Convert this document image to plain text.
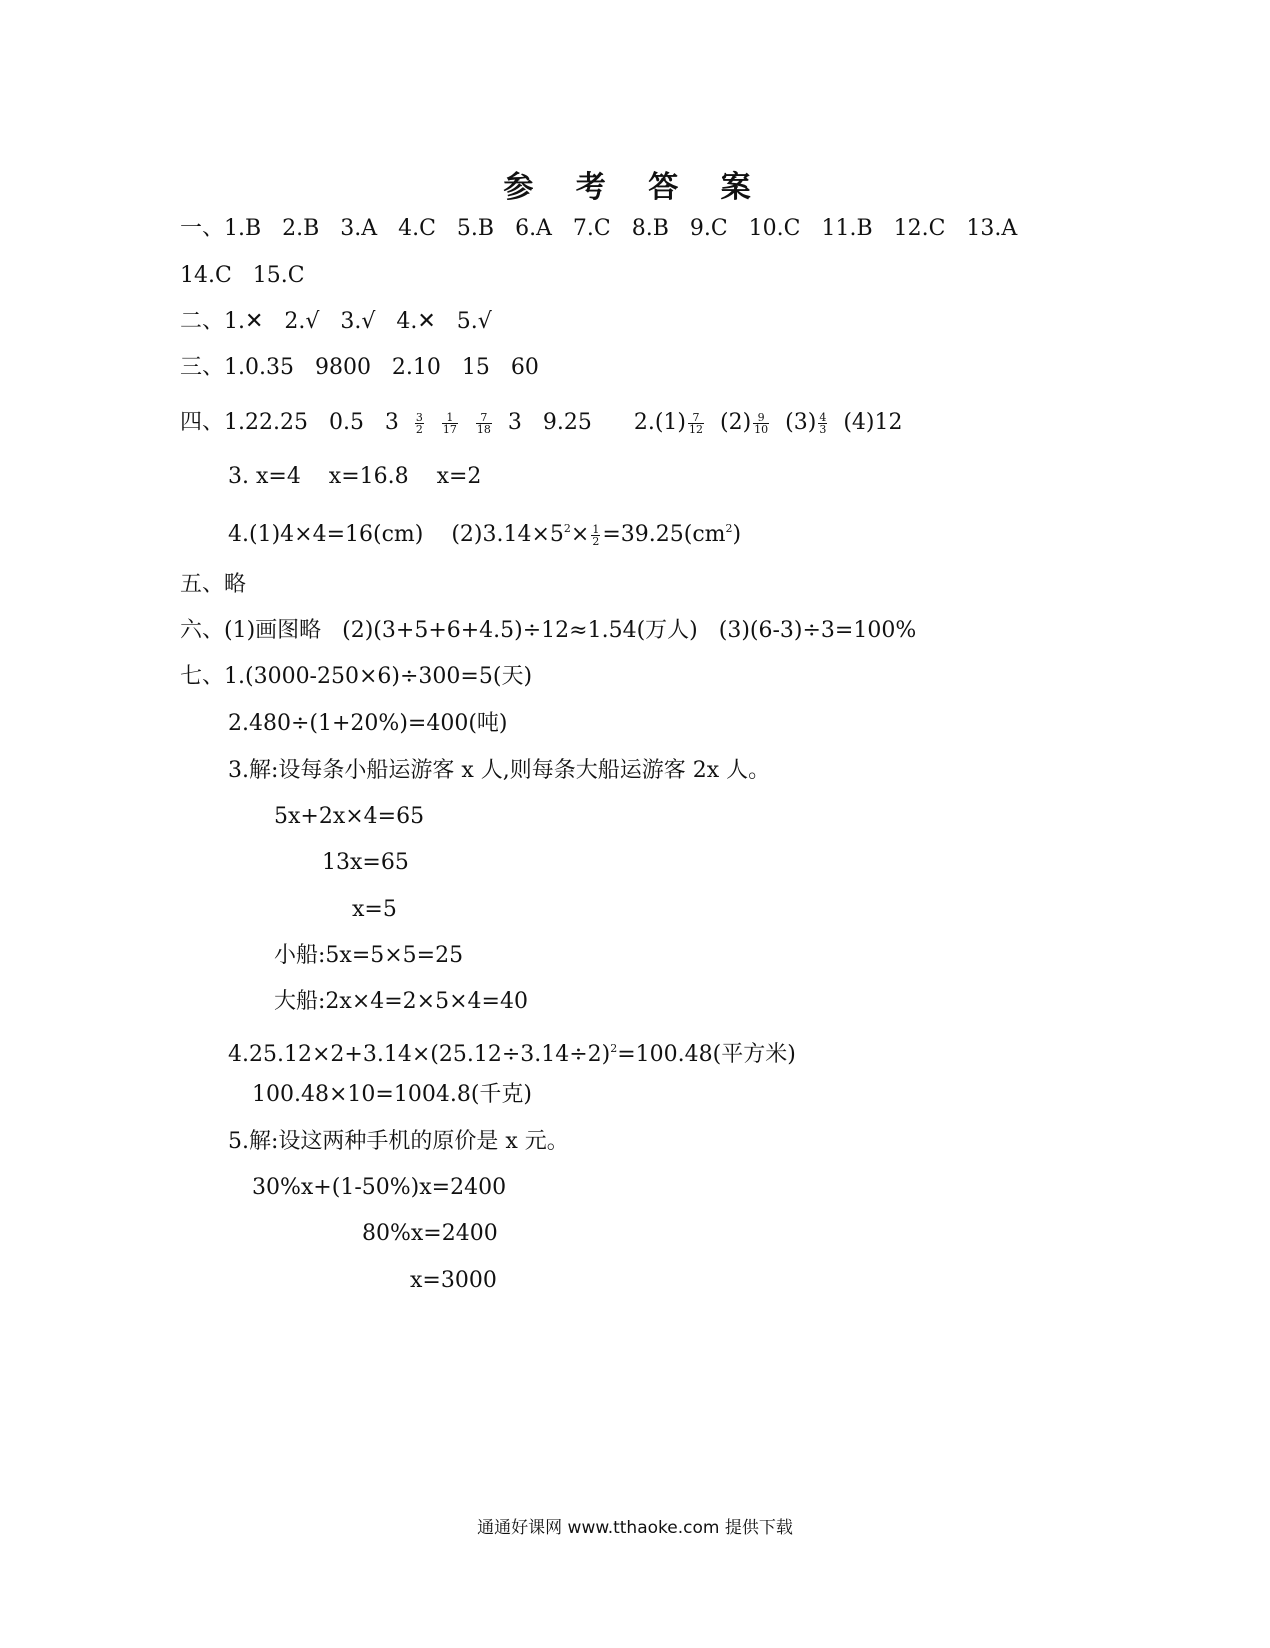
参 考 答 案
一、1.B   2.B   3.A   4.C   5.B   6.A   7.C   8.B   9.C   10.C   11.B   12.C   13.A
14.C   15.C
二、1.✕   2.√   3.√   4.✕   5.√
三、1.0.35   9800   2.10   15   60
四、1.22.25   0.5   $3 \frac{3}{2}$
$\frac{1}{17}$
$\frac{7}{18} 3$   9.25      $2.(1) \frac{7}{12} (2) \frac{9}{10} (3) \frac{4}{3} (4)12$
3. x=4    x=16.8    x=2
4.(1)4×4=16(cm)    $(2)3.14\times 5^2\times \frac{1}{2} =39.25(cm^2)$
五、略
六、(1)画图略   (2)(3+5+6+4.5)÷12≈1.54(万人)   (3)(6-3)÷3=100%
七、1.(3000-250×6)÷300=5(天)
2.480÷(1+20%)=400(吨)
3.解:设每条小船运游客 x 人,则每条大船运游客 2x 人。
5x+2x×4=65
13x=65
x=5
小船:5x=5×5=25
大船:2x×4=2×5×4=40
$4.25.12\times 2+3.14\times(25.12\div 3.14\div 2)^2=100.48$(平方米)
100.48×10=1004.8(千克)
5.解:设这两种手机的原价是 x 元。
30%x+(1-50%)x=2400
80%x=2400
x=3000
通通好课网 www.tthaoke.com 提供下载
